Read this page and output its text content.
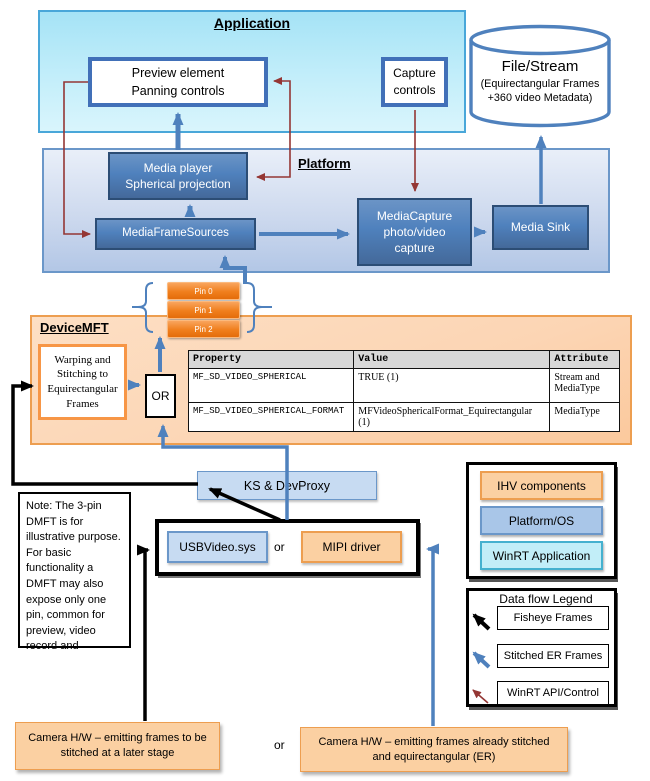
Application
Preview element
Panning controls
Capture
controls
File/Stream
(Equirectangular Frames
+360 video Metadata)
Platform
Media player
Spherical projection
MediaFrameSources
MediaCapture
photo/video
capture
Media Sink
Pin 0
Pin 1
Pin 2
DeviceMFT
Warping and Stitching to Equirectangular Frames
OR
Property	Value	Attribute
MF_SD_VIDEO_SPHERICAL	TRUE (1)	Stream and MediaType
MF_SD_VIDEO_SPHERICAL_FORMAT	MFVideoSphericalFormat_Equirectangular (1)	MediaType
KS & DevProxy
USBVideo.sys	or	MIPI driver
Note: The 3-pin DMFT is for illustrative purpose. For basic functionality a DMFT may also expose only one pin, common for preview, video record and
IHV components
Platform/OS
WinRT Application
Data flow Legend
Fisheye Frames
Stitched ER Frames
WinRT API/Control
Camera H/W – emitting frames to be stitched at a later stage
or	Camera H/W – emitting frames already stitched and equirectangular (ER)
